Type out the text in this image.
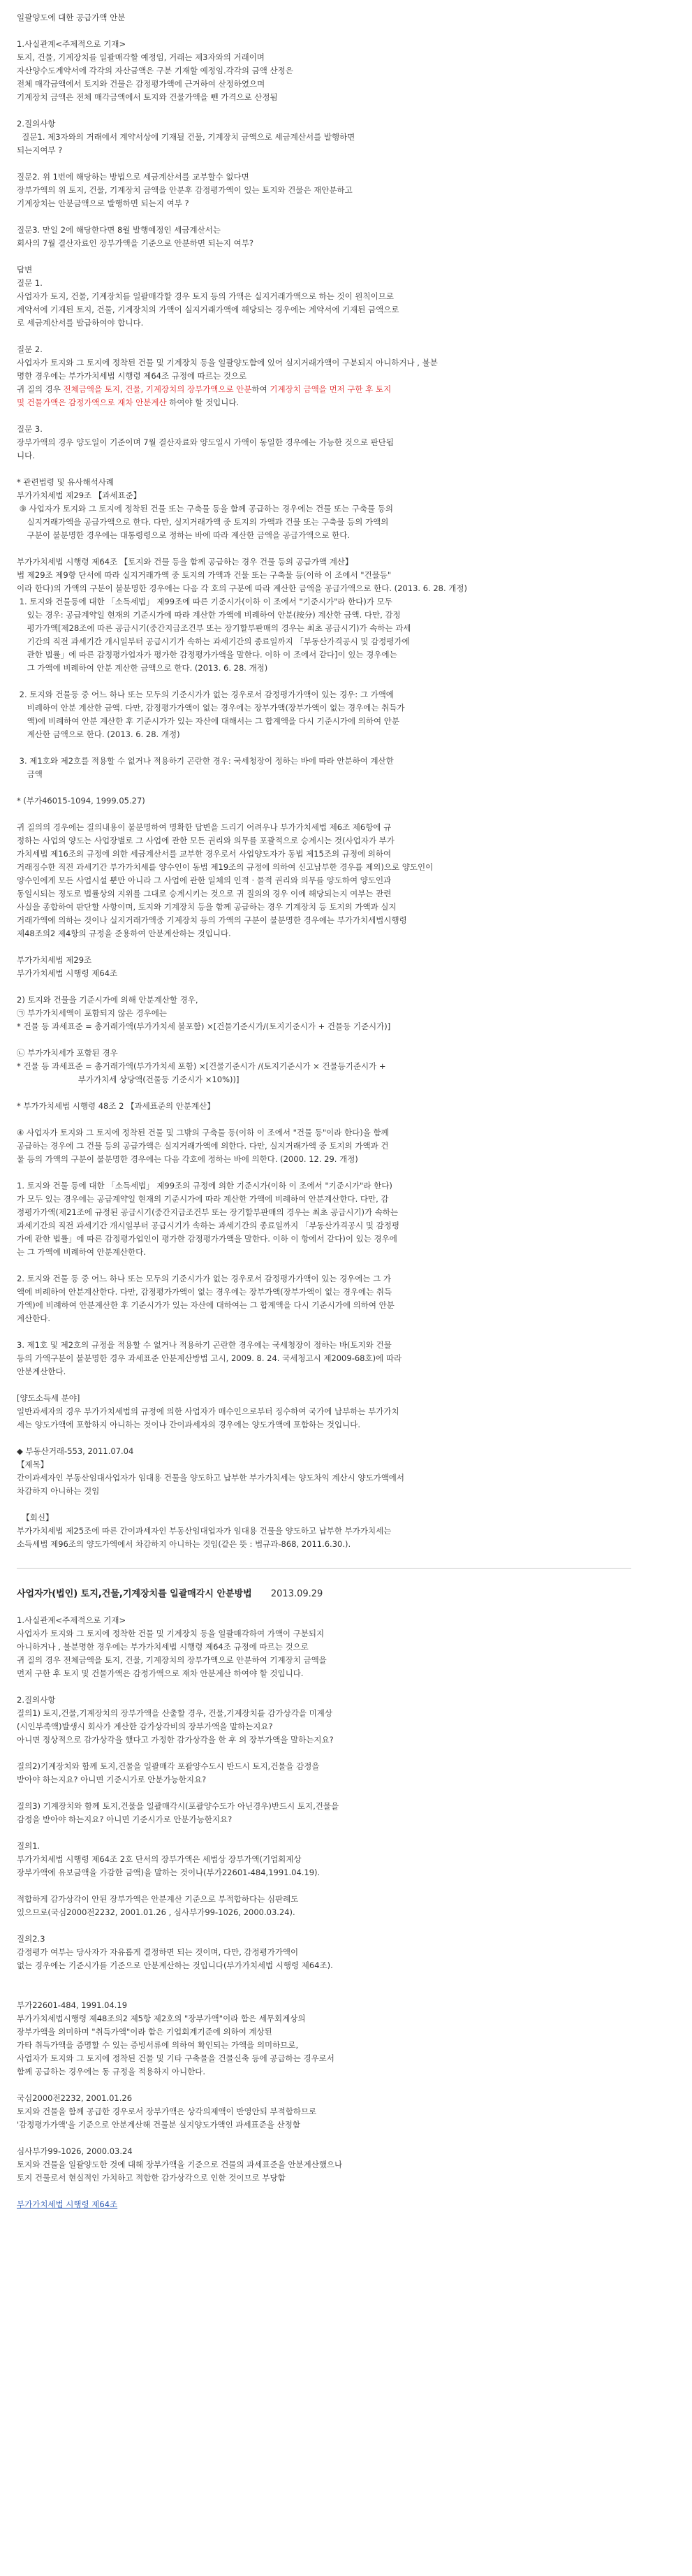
일괄양도에 대한 공급가액 안분
1.사실관계<주제적으로 기재>
토지, 건물, 기계장치를 일괄매각할 예정임, 거래는 제3자와의 거래이며
자산양수도계약서에 각각의 자산금액은 구분 기재할 예정임.각각의 금액 산정은
전체 매각금액에서 토지와 건물은 감정평가액에 근거하여 산정하였으며
기계장치 금액은 전체 매각금액에서 토지와 건물가액을 뺀 가격으로 산정됨
2.질의사항
질문1. 제3자와의 거래에서 계약서상에 기재될 건물, 기계장치 금액으로 세금계산서를 발행하면
되는지여부 ?
질문2. 위 1번에 해당하는 방법으로 세금계산서를 교부할수 없다면
장부가액의 위 토지, 건물, 기계장치 금액을 안분후 감정평가액이 있는 토지와 건물은 재안분하고
기계장치는 안분금액으로 발행하면 되는지 여부 ?
질문3. 만일 2에 해당한다면 8월 발행예정인 세금계산서는
회사의 7월 결산자료인 장부가액을 기준으로 안분하면 되는지 여부?
답변
질문 1.
사업자가 토지, 건물, 기계장치를 일괄매각할 경우 토지 등의 가액은 실지거래가액으로 하는 것이 원칙이므로
계약서에 기재된 토지, 건물, 기계장치의 가액이 실지거래가액에 해당되는 경우에는 계약서에 기재된 금액으로
로 세금계산서를 발급하여야 합니다.
질문 2.
사업자가 토지와 그 토지에 정착된 건물 및 기계장치 등을 일괄양도함에 있어 실지거래가액이 구분되지 아니하거나 , 불분
명한 경우에는 부가가치세법 시행령 제64조 규정에 따르는 것으로
귀 질의 경우 전체금액을 토지, 건물, 기계장치의 장부가액으로 안분하여 기계장치 금액을 먼저 구한 후 토지
및 건물가액은 감정가액으로 재차 안분계산 하여야 할 것입니다.
질문 3.
장부가액의 경우 양도일이 기준이며 7월 결산자료와 양도일시 가액이 동일한 경우에는 가능한 것으로 판단됩
니다.
* 관련법령 및 유사해석사례
부가가치세법 제29조 【과세표준】
⑨ 사업자가 토지와 그 토지에 정착된 건물 또는 구축물 등을 함께 공급하는 경우에는 건물 또는 구축물 등의
실지거래가액을 공급가액으로 한다. 다만, 실지거래가액 중 토지의 가액과 건물 또는 구축물 등의 가액의
구분이 불분명한 경우에는 대통령령으로 정하는 바에 따라 계산한 금액을 공급가액으로 한다.
부가가치세법 시행령 제64조 【토지와 건물 등을 함께 공급하는 경우 건물 등의 공급가액 계산】
법 제29조 제9항 단서에 따라 실지거래가액 중 토지의 가액과 건물 또는 구축물 등(이하 이 조에서 "건물등"
이라 한다)의 가액의 구분이 불분명한 경우에는 다음 각 호의 구분에 따라 계산한 금액을 공급가액으로 한다. (2013. 6. 28. 개정)
1. 토지와 건물등에 대한 「소득세법」 제99조에 따른 기준시가(이하 이 조에서 "기준시가"라 한다)가 모두
있는 경우: 공급계약일 현재의 기준시가에 따라 계산한 가액에 비례하여 안분(按分) 계산한 금액. 다만, 감정
평가가액[제28조에 따른 공급시기(중간지급조건부 또는 장기할부판매의 경우는 최초 공급시기)가 속하는 과세
기간의 직전 과세기간 개시일부터 공급시기가 속하는 과세기간의 종료일까지 「부동산가격공시 및 감정평가에
관한 법률」에 따른 감정평가업자가 평가한 감정평가가액을 말한다. 이하 이 조에서 같다]이 있는 경우에는
그 가액에 비례하여 안분 계산한 금액으로 한다. (2013. 6. 28. 개정)
2. 토지와 건물등 중 어느 하나 또는 모두의 기준시가가 없는 경우로서 감정평가가액이 있는 경우: 그 가액에
비례하여 안분 계산한 금액. 다만, 감정평가가액이 없는 경우에는 장부가액(장부가액이 없는 경우에는 취득가
액)에 비례하여 안분 계산한 후 기준시가가 있는 자산에 대해서는 그 합계액을 다시 기준시가에 의하여 안분
계산한 금액으로 한다. (2013. 6. 28. 개정)
3. 제1호와 제2호를 적용할 수 없거나 적용하기 곤란한 경우: 국세청장이 정하는 바에 따라 안분하여 계산한
금액
* (부가46015-1094, 1999.05.27)
귀 질의의 경우에는 질의내용이 불분명하여 명확한 답변을 드리기 어려우나 부가가치세법 제6조 제6항에 규
정하는 사업의 양도는 사업장별로 그 사업에 관한 모든 권리와 의무를 포괄적으로 승계시는 것(사업자가 부가
가치세법 제16조의 규정에 의한 세금계산서를 교부한 경우로서 사업양도자가 동법 제15조의 규정에 의하여
거래징수한 직전 과세기간 부가가치세를 양수인이 동법 제19조의 규정에 의하여 신고납부한 경우를 제외)으로 양도인이
양수인에게 모든 사업시설 뿐만 아니라 그 사업에 관한 일체의 인적 · 물적 권리와 의무를 양도하여 양도인과
동일시되는 정도로 법률상의 지위를 그대로 승계시키는 것으로 귀 질의의 경우 이에 해당되는지 여부는 관련
사실을 종합하여 판단할 사항이며, 토지와 기계장치 등을 함께 공급하는 경우 기계장치 등 토지의 가액과 실지
거래가액에 의하는 것이나 실지거래가액중 기계장치 등의 가액의 구분이 불분명한 경우에는 부가가치세법시행령
제48조의2 제4항의 규정을 준용하여 안분계산하는 것입니다.
부가가치세법 제29조
부가가치세법 시행령 제64조
2) 토지와 건물을 기준시가에 의해 안분계산할 경우,
㉠ 부가가치세액이 포함되지 않은 경우에는
* 건물 등 과세표준 = 총거래가액(부가가치세 불포함) ×[건물기준시가/(토지기준시가 + 건물등 기준시가)]
㉡ 부가가치세가 포함된 경우
* 건물 등 과세표준 = 총거래가액(부가가치세 포함) ×[건물기준시가 /(토지기준시가 × 건물등기준시가 +
부가가치세 상당액(건물등 기준시가 ×10%))]
* 부가가치세법 시행령 48조 2 【과세표준의 안분계산】
④ 사업자가 토지와 그 토지에 정착된 건물 및 그밖의 구축물 등(이하 이 조에서 "건물 등"이라 한다)을 함께
공급하는 경우에 그 건물 등의 공급가액은 실지거래가액에 의한다. 다만, 실지거래가액 중 토지의 가액과 건
물 등의 가액의 구분이 불분명한 경우에는 다음 각호에 정하는 바에 의한다. (2000. 12. 29. 개정)
1. 토지와 건물 등에 대한 「소득세법」 제99조의 규정에 의한 기준시가(이하 이 조에서 "기준시가"라 한다)
가 모두 있는 경우에는 공급계약일 현재의 기준시가에 따라 계산한 가액에 비례하여 안분계산한다. 다만, 감
정평가가액(제21조에 규정된 공급시기(중간지급조건부 또는 장기할부판매의 경우는 최초 공급시기)가 속하는
과세기간의 직전 과세기간 개시일부터 공급시기가 속하는 과세기간의 종료일까지 「부동산가격공시 및 감정평
가에 관한 법률」에 따른 감정평가업인이 평가한 감정평가가액을 말한다. 이하 이 항에서 같다)이 있는 경우에
는 그 가액에 비례하여 안분계산한다.
2. 토지와 건물 등 중 어느 하나 또는 모두의 기준시가가 없는 경우로서 감정평가가액이 있는 경우에는 그 가
액에 비례하여 안분계산한다. 다만, 감정평가가액이 없는 경우에는 장부가액(장부가액이 없는 경우에는 취득
가액)에 비례하여 안분계산한 후 기준시가가 있는 자산에 대하여는 그 합계액을 다시 기준시가에 의하여 안분
계산한다.
3. 제1호 및 제2호의 규정을 적용할 수 없거나 적용하기 곤란한 경우에는 국세청장이 정하는 바(토지와 건물
등의 가액구분이 불분명한 경우 과세표준 안분계산방법 고시, 2009. 8. 24. 국세청고시 제2009-68호)에 따라
안분계산한다.
[양도소득세 분야]
일반과세자의 경우 부가가치세법의 규정에 의한 사업자가 매수인으로부터 징수하여 국가에 납부하는 부가가치
세는 양도가액에 포함하지 아니하는 것이나 간이과세자의 경우에는 양도가액에 포함하는 것입니다.
◆ 부동산거래-553, 2011.07.04
【제목】
간이과세자인 부동산임대사업자가 임대용 건물을 양도하고 납부한 부가가치세는 양도차익 계산시 양도가액에서
차감하지 아니하는 것임
【회신】
부가가치세법 제25조에 따른 간이과세자인 부동산임대업자가 임대용 건물을 양도하고 납부한 부가가치세는
소득세법 제96조의 양도가액에서 차감하지 아니하는 것임(같은 뜻 : 법규과-868, 2011.6.30.).
사업자가(법인) 토지,건물,기계장치를 일괄매각시 안분방법 2013.09.29
1.사실관계<주제적으로 기재>
사업자가 토지와 그 토지에 정착한 건물 및 기계장치 등을 일괄매각하여 가액이 구분되지
아니하거나 , 불분명한 경우에는 부가가치세법 시행령 제64조 규정에 따르는 것으로
귀 질의 경우 전체금액을 토지, 건물, 기계장치의 장부가액으로 안분하여 기계장치 금액을
먼저 구한 후 토지 및 건물가액은 감정가액으로 재차 안분계산 하여야 할 것입니다.
2.질의사항
질의1) 토지,건물,기계장치의 장부가액을 산출할 경우, 건물,기계장치를 감가상각을 미계상
(시인부족액)발생시 회사가 계산한 감가상각비의 장부가액을 말하는지요?
아니면 정상적으로 감가상각을 했다고 가정한 감가상각을 한 후 의 장부가액을 말하는지요?
질의2)기계장치와 함께 토지,건물을 일괄매각 포괄양수도시 반드시 토지,건물을 감정을
받아야 하는지요? 아니면 기준시가로 안분가능한지요?
질의3) 기계장치와 함께 토지,건물을 일괄매각시(포괄양수도가 아닌경우)반드시 토지,건물을
감정을 받아야 하는지요? 아니면 기준시가로 안분가능한지요?
질의1.
부가가치세법 시행령 제64조 2호 단서의 장부가액은 세법상 장부가액(기업회계상
장부가액에 유보금액을 가감한 금액)을 말하는 것이나(부가22601-484,1991.04.19).
적합하게 감가상각이 안된 장부가액은 안분계산 기준으로 부적합하다는 심판례도
있으므로(국심2000전2232, 2001.01.26 , 심사부가99-1026, 2000.03.24).
질의2.3
감정평가 여부는 당사자가 자유롭게 결정하면 되는 것이며, 다만, 감정평가가액이
없는 경우에는 기준시가를 기준으로 안분계산하는 것입니다(부가가치세법 시행령 제64조).
부가22601-484, 1991.04.19
부가가치세법시행령 제48조의2 제5항 제2호의 "장부가액"이라 함은 세무회계상의
장부가액을 의미하며 "취득가액"이라 함은 기업회계기준에 의하여 계상된
가타 취득가액을 증명할 수 있는 증빙서류에 의하여 확인되는 가액을 의미하므로,
사업자가 토지와 그 토지에 정착된 건물 및 기타 구축물을 건물신축 등에 공급하는 경우로서
함께 공급하는 경우에는 동 규정을 적용하지 아니한다.
국심2000전2232, 2001.01.26
토지와 건물을 함께 공급한 경우로서 장부가액은 상각의제액이 반영안되 부적합하므로
'감정평가가액'을 기준으로 안분계산해 건물분 실지양도가액인 과세표준을 산정함
심사부가99-1026, 2000.03.24
토지와 건물을 일괄양도한 것에 대해 장부가액을 기준으로 건물의 과세표준을 안분계산했으나
토지 건물로서 현실적인 가치하고 적합한 감가상각으로 인한 것이므로 부당함
부가가치세법 시행령 제64조
